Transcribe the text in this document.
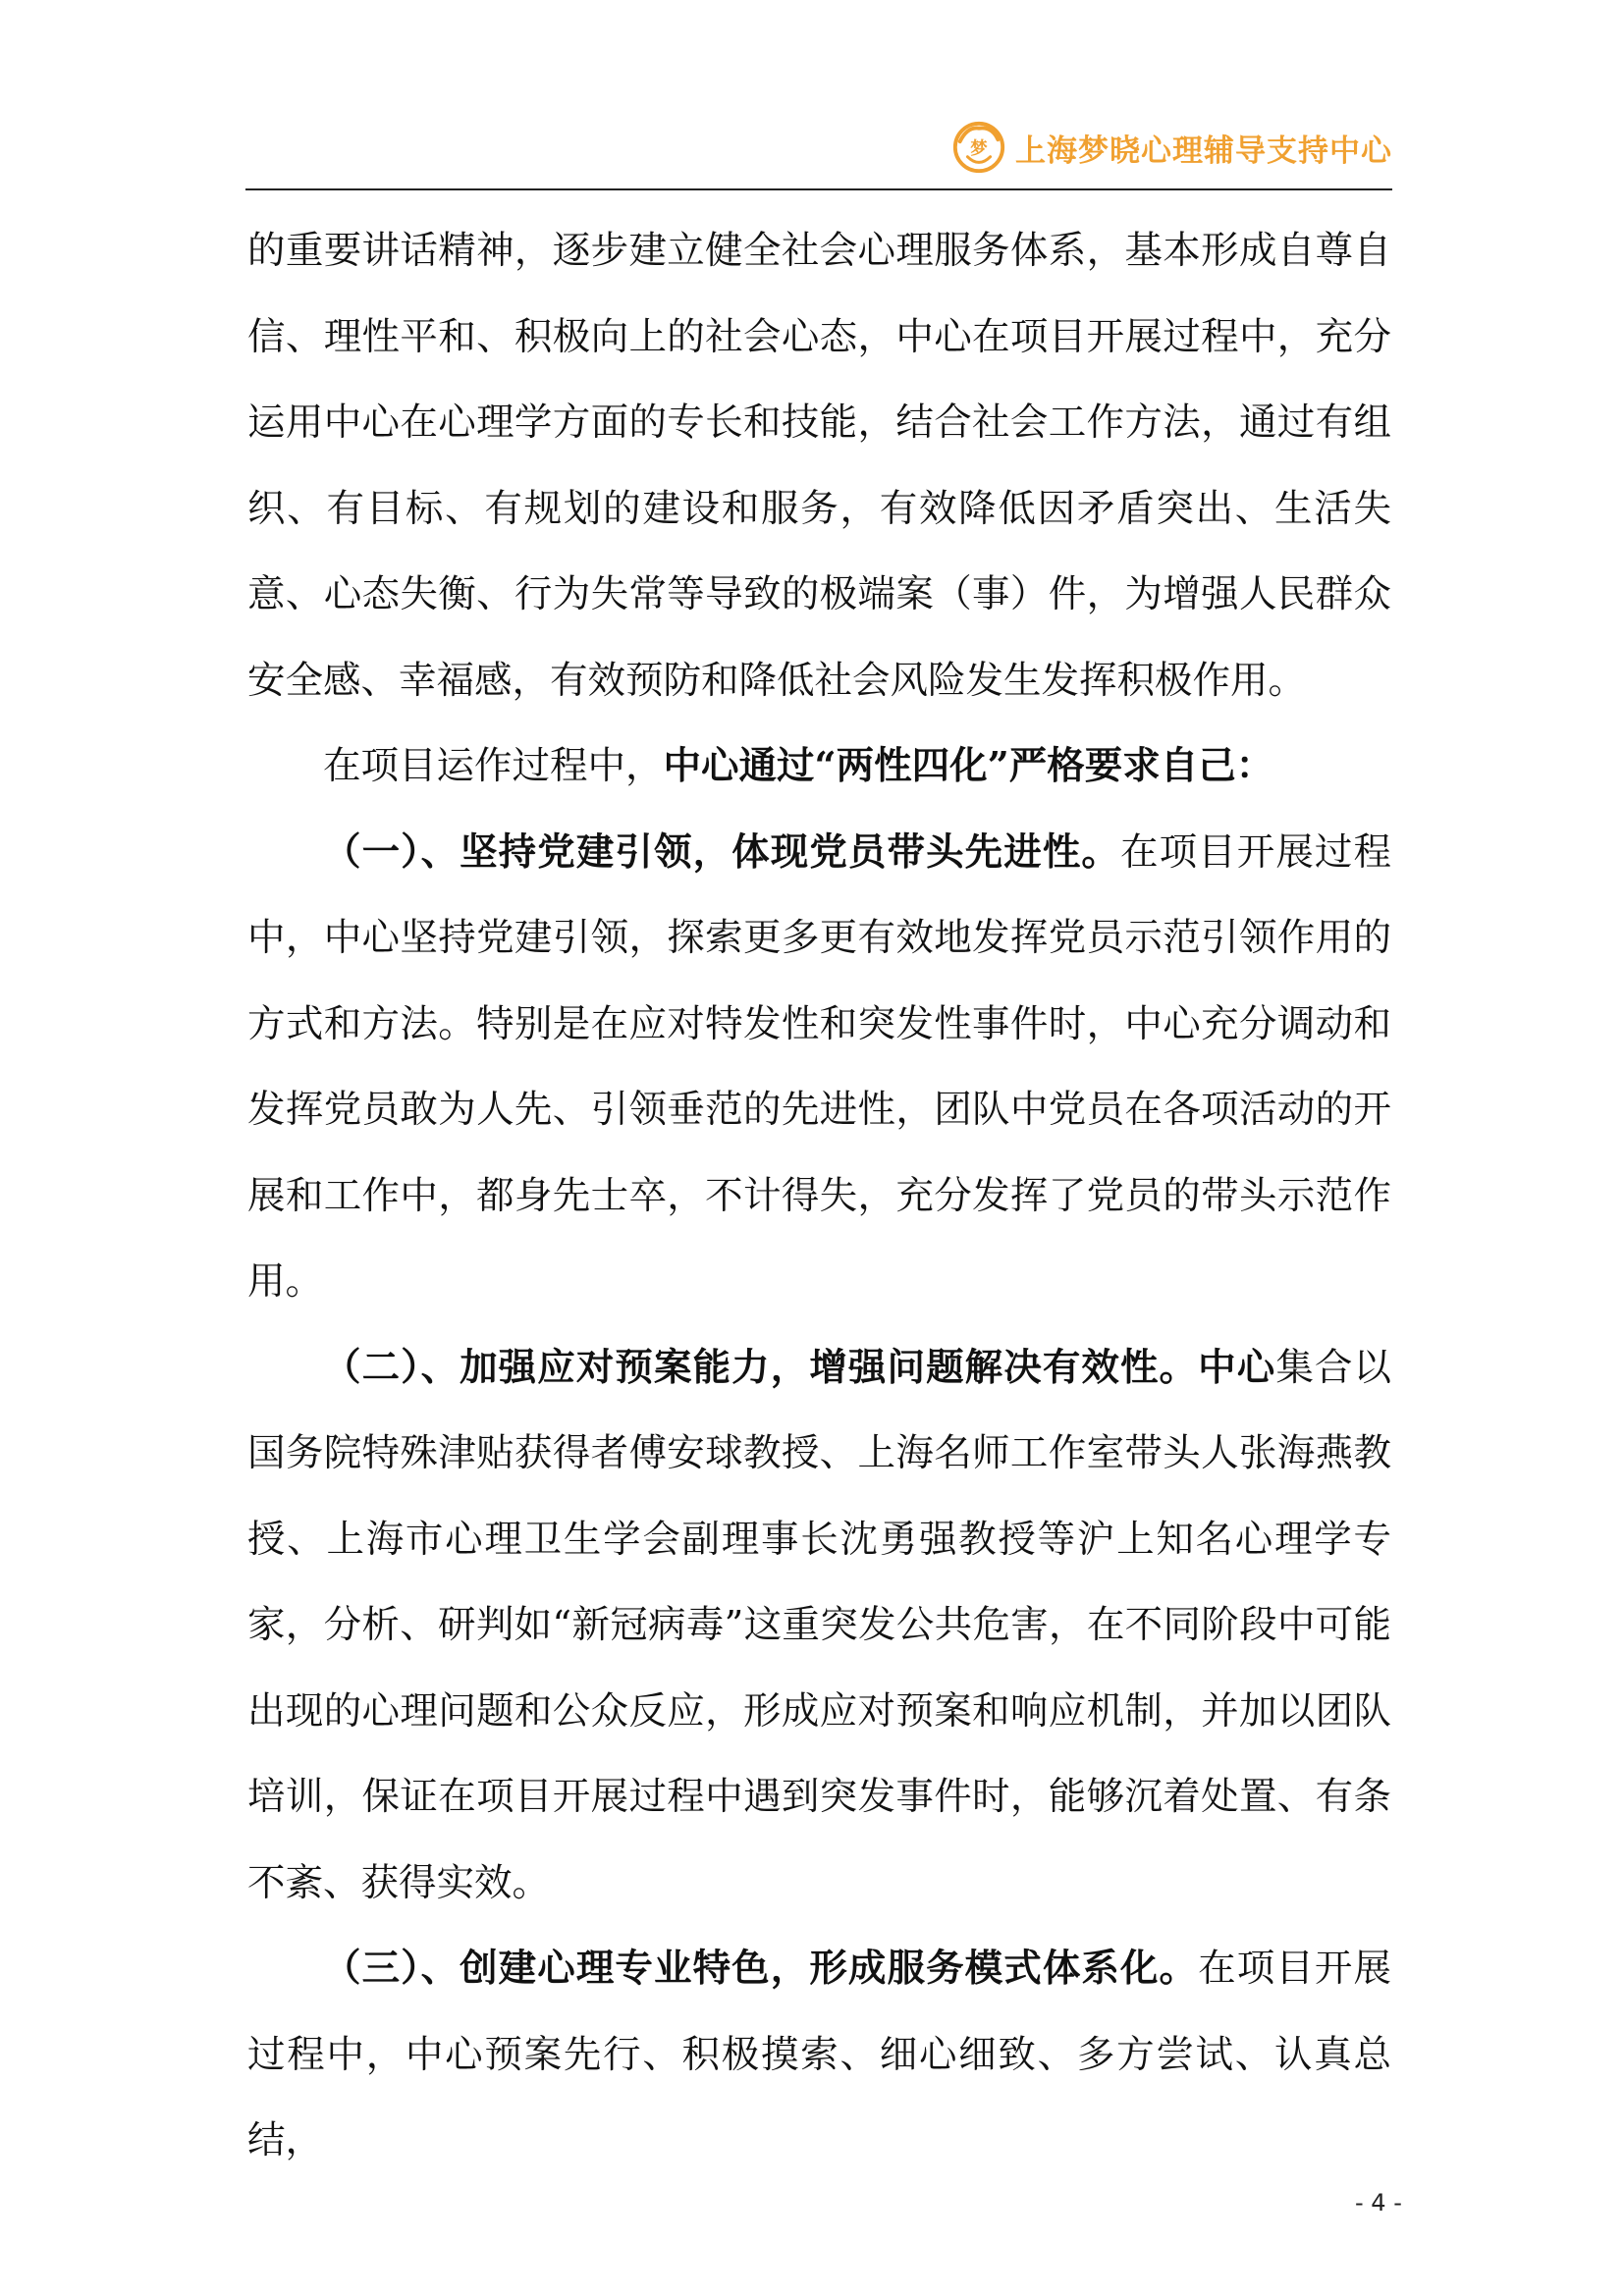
梦 上海梦晓心理辅导支持中心

的重要讲话精神，逐步建立健全社会心理服务体系，基本形成自尊自信、理性平和、积极向上的社会心态，中心在项目开展过程中，充分运用中心在心理学方面的专长和技能，结合社会工作方法，通过有组织、有目标、有规划的建设和服务，有效降低因矛盾突出、生活失意、心态失衡、行为失常等导致的极端案（事）件，为增强人民群众安全感、幸福感，有效预防和降低社会风险发生发挥积极作用。

在项目运作过程中，中心通过“两性四化”严格要求自己：

（一）、坚持党建引领，体现党员带头先进性。在项目开展过程中，中心坚持党建引领，探索更多更有效地发挥党员示范引领作用的方式和方法。特别是在应对特发性和突发性事件时，中心充分调动和发挥党员敢为人先、引领垂范的先进性，团队中党员在各项活动的开展和工作中，都身先士卒，不计得失，充分发挥了党员的带头示范作用。

（二）、加强应对预案能力，增强问题解决有效性。中心集合以国务院特殊津贴获得者傅安球教授、上海名师工作室带头人张海燕教授、上海市心理卫生学会副理事长沈勇强教授等沪上知名心理学专家，分析、研判如“新冠病毒”这重突发公共危害，在不同阶段中可能出现的心理问题和公众反应，形成应对预案和响应机制，并加以团队培训，保证在项目开展过程中遇到突发事件时，能够沉着处置、有条不紊、获得实效。

（三）、创建心理专业特色，形成服务模式体系化。在项目开展过程中，中心预案先行、积极摸索、细心细致、多方尝试、认真总结，

- 4 -
